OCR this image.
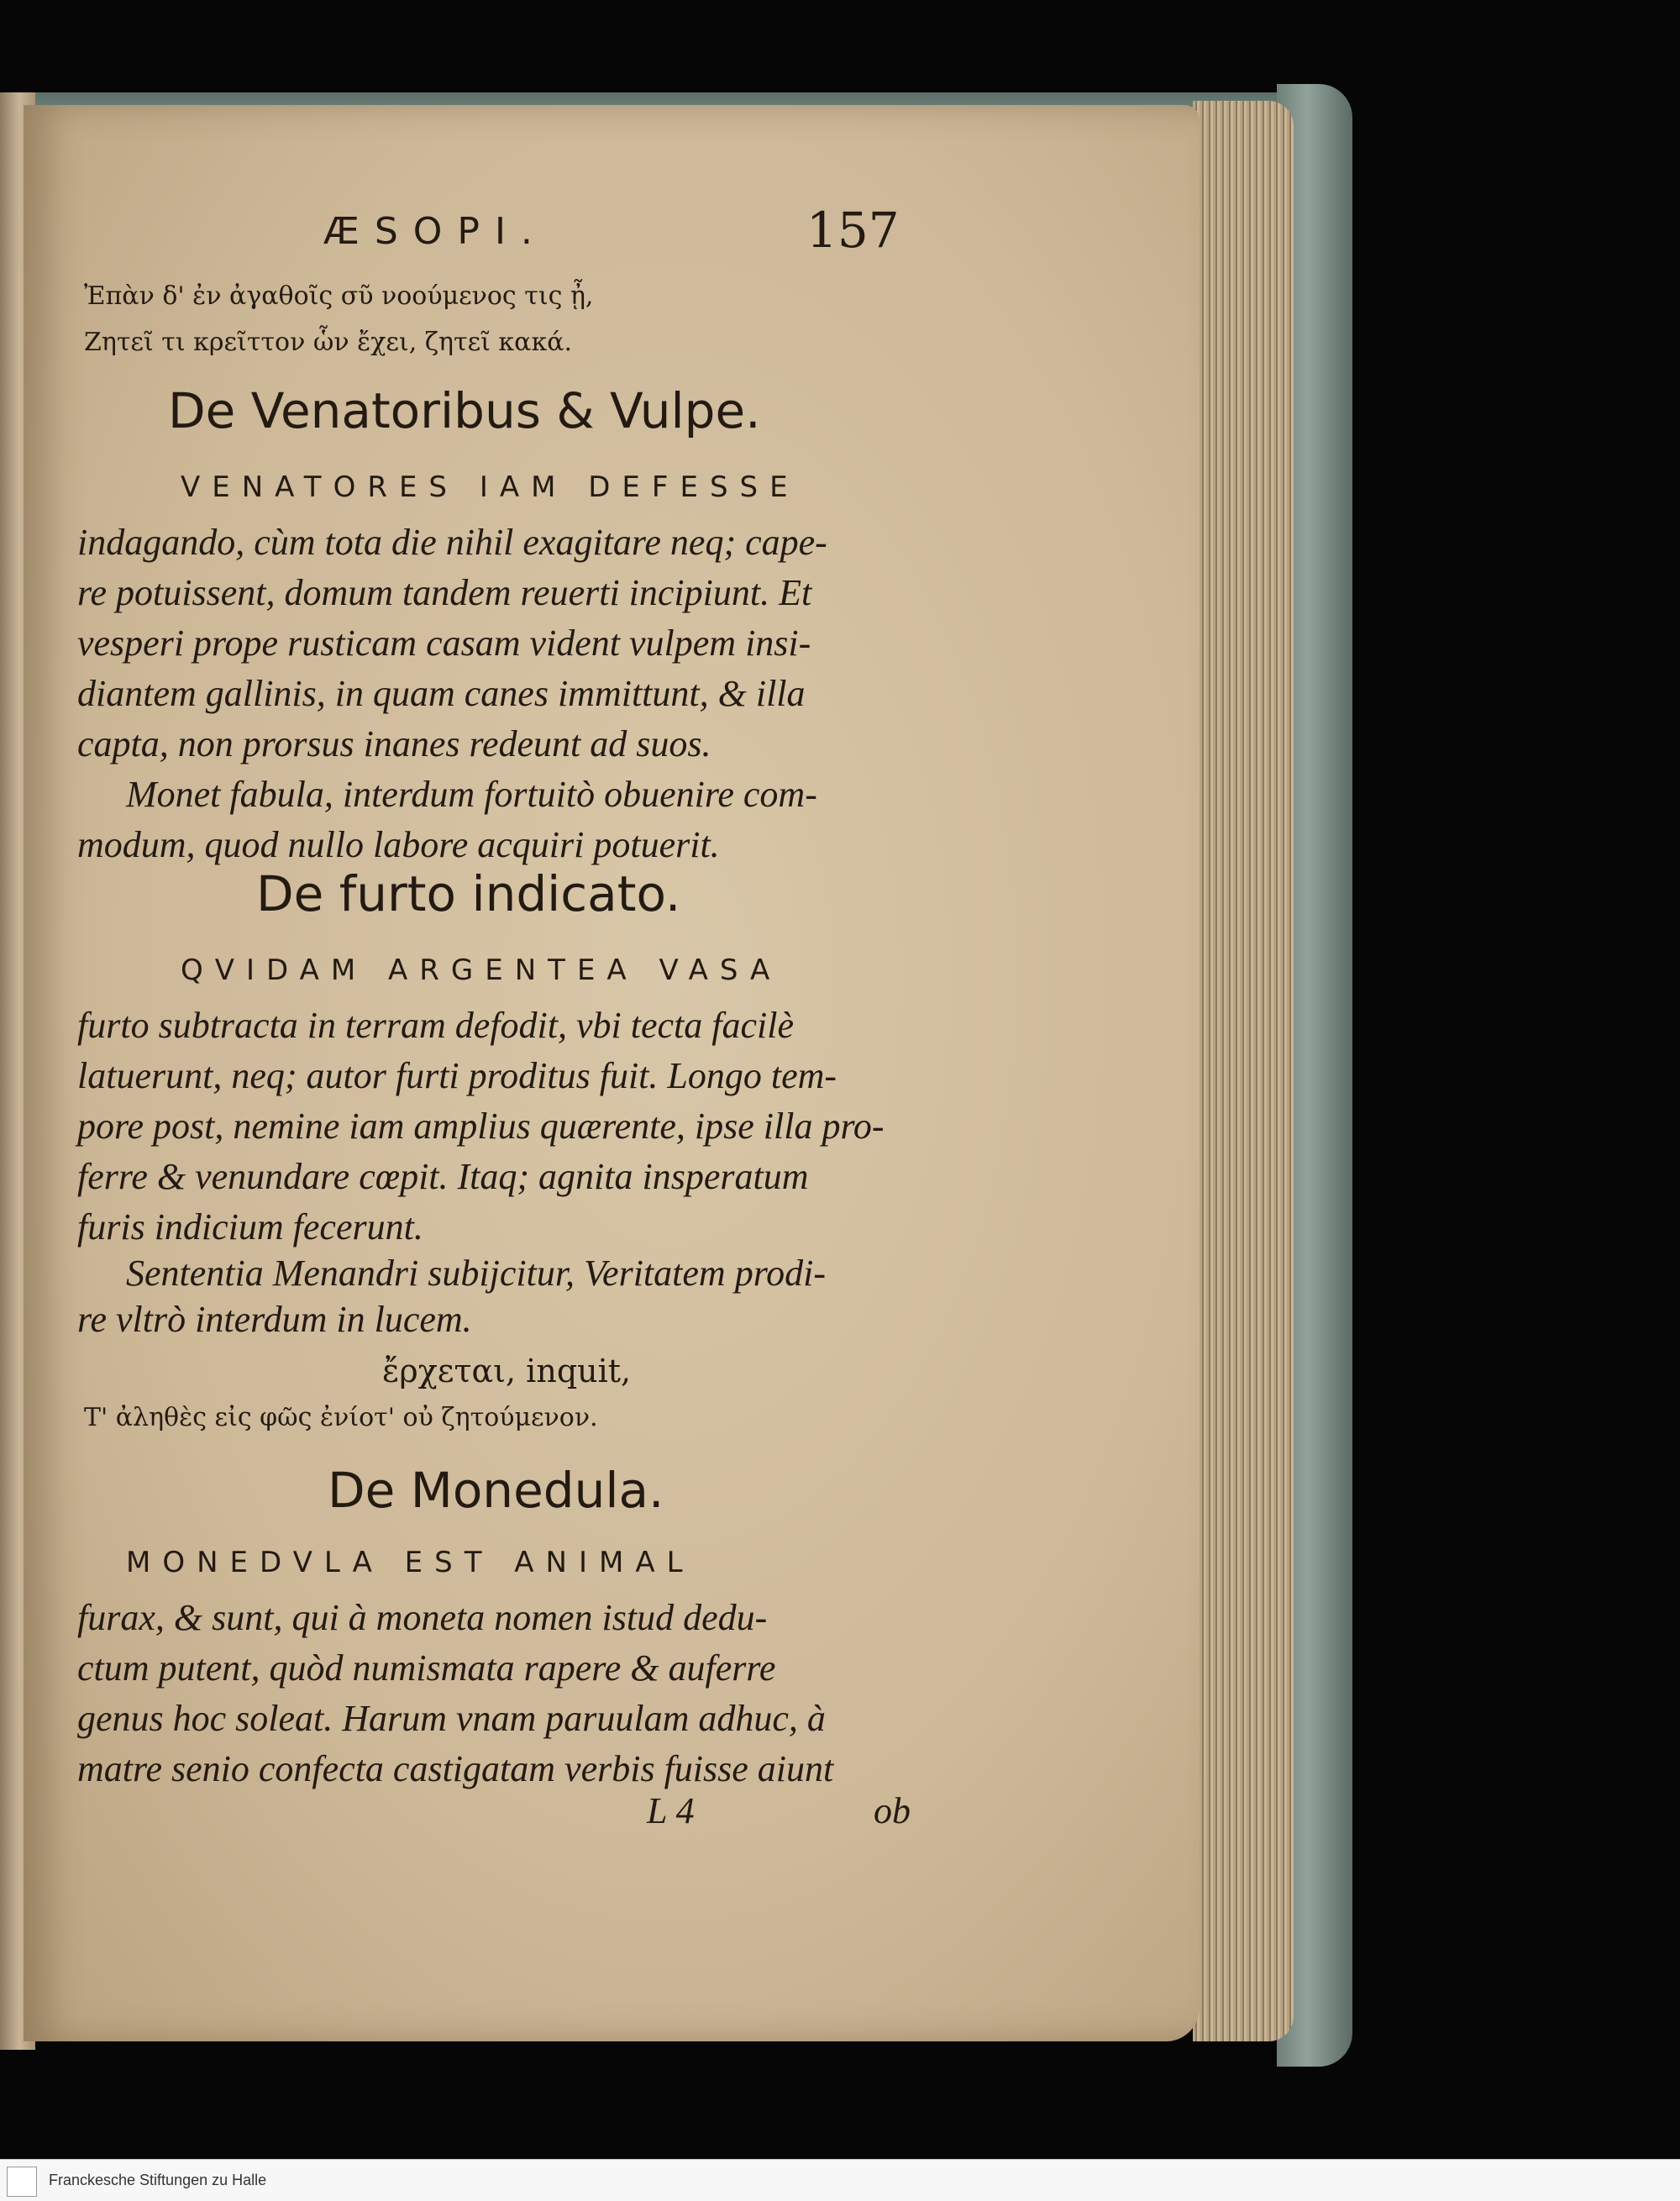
ÆSOPI.	157
Ἐπὰν δ' ἐν ἀγαθοῖς σῦ νοούμενος τις ᾖ,
Ζητεῖ τι κρεῖττον ὧν ἔχει, ζητεῖ κακά.
De Venatoribus & Vulpe.
VENATORES IAM DEFESSE
indagando, cùm tota die nihil exagitare neq; cape-
re potuissent, domum tandem reuerti incipiunt. Et
vesperi prope rusticam casam vident vulpem insi-
diantem gallinis, in quam canes immittunt, & illa
capta, non prorsus inanes redeunt ad suos.
Monet fabula, interdum fortuitò obuenire com-
modum, quod nullo labore acquiri potuerit.
De furto indicato.
QVIDAM ARGENTEA VASA
furto subtracta in terram defodit, vbi tecta facilè
latuerunt, neq; autor furti proditus fuit. Longo tem-
pore post, nemine iam amplius quærente, ipse illa pro-
ferre & venundare cœpit. Itaq; agnita insperatum
furis indicium fecerunt.
Sententia Menandri subijcitur, Veritatem prodi-
re vltrò interdum in lucem.
ἔρχεται, inquit,
Τ' ἀληθὲς εἰς φῶς ἐνίοτ' οὐ ζητούμενον.
De Monedula.
MONEDVLA EST ANIMAL
furax, & sunt, qui à moneta nomen istud dedu-
ctum putent, quòd numismata rapere & auferre
genus hoc soleat. Harum vnam paruulam adhuc, à
matre senio confecta castigatam verbis fuisse aiunt
L 4	ob
Franckesche Stiftungen zu Halle
